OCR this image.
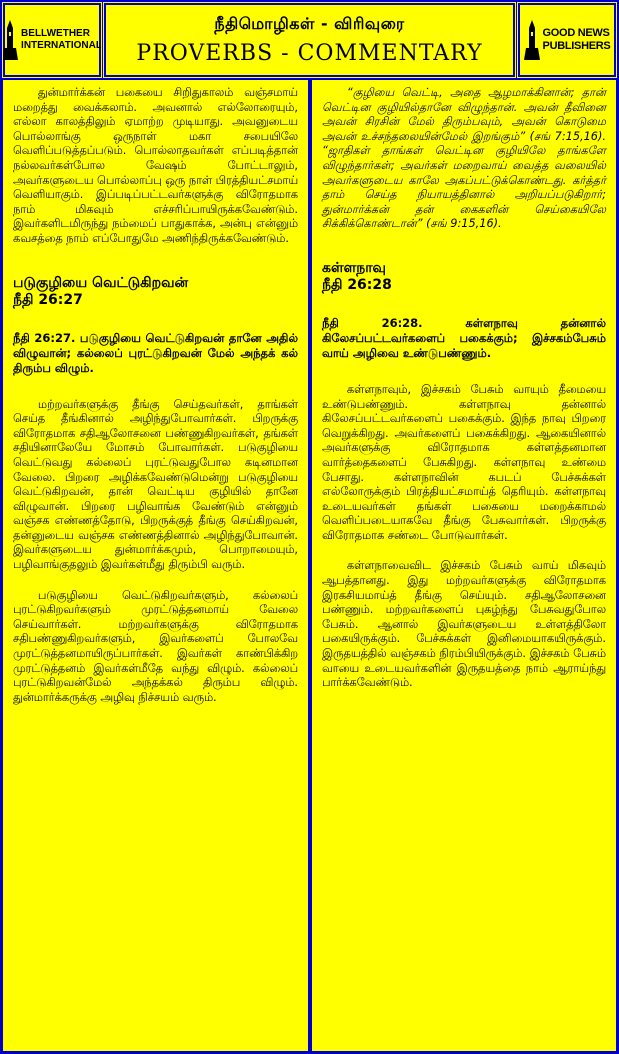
BELLWETHER
INTERNATIONAL
நீதிமொழிகள் - விரிவுரை
PROVERBS - COMMENTARY
GOOD NEWS
PUBLISHERS

துன்மார்க்கன் பகையை சிறிதுகாலம் வஞ்சமாய் மறைத்து வைக்கலாம். அவனால் எல்லோரையும், எல்லா காலத்திலும் ஏமாற்ற முடியாது. அவனுடைய பொல்லாங்கு ஒருநாள் மகா சபையிலே வெளிப்படுத்தப்படும். பொல்லாதவர்கள் எப்படித்தான் நல்லவர்கள்போல வேஷம் போட்டாலும், அவர்களுடைய பொல்லாப்பு ஒரு நாள் பிரத்தியட்சமாய் வெளியாகும். இப்படிப்பட்டவர்களுக்கு விரோதமாக நாம் மிகவும் எச்சரிப்பாயிருக்கவேண்டும். இவர்களிடமிருந்து நம்மைப் பாதுகாக்க, அன்பு என்னும் கவசத்தை நாம் எப்போதுமே அணிந்திருக்கவேண்டும்.

படுகுழியை வெட்டுகிறவன்
நீதி 26:27
நீதி 26:27. படுகுழியை வெட்டுகிறவன் தானே அதில் விழுவான்; கல்லைப் புரட்டுகிறவன் மேல் அந்தக் கல் திரும்ப விழும்.

மற்றவர்களுக்கு தீங்கு செய்தவர்கள், தாங்கள் செய்த தீங்கினால் அழிந்துபோவார்கள். பிறருக்கு விரோதமாக சதிஆலோசனை பண்ணுகிறவர்கள், தங்கள் சதியினாலேயே மோசம் போவார்கள். படுகுழியை வெட்டுவது கல்லைப் புரட்டுவதுபோல கடினமான வேலை. பிறரை அழிக்கவேண்டுமென்று படுகுழியை வெட்டுகிறவன், தான் வெட்டிய குழியில் தானே விழுவான். பிறரை பழிவாங்க வேண்டும் என்னும் வஞ்சக எண்ணத்தோடு, பிறருக்குத் தீங்கு செய்கிறவன், தன்னுடைய வஞ்சக எண்ணத்தினால் அழிந்துபோவான். இவர்களுடைய துன்மார்க்கமும், பொறாமையும், பழிவாங்குதலும் இவர்கள்மீது திரும்பி வரும்.

படுகுழியை வெட்டுகிறவர்களும், கல்லைப் புரட்டுகிறவர்களும் முரட்டுத்தனமாய் வேலை செய்வார்கள். மற்றவர்களுக்கு விரோதமாக சதிபண்ணுகிறவர்களும், இவர்களைப் போலவே முரட்டுத்தனமாயிருப்பார்கள். இவர்கள் காண்பிக்கிற முரட்டுத்தனம் இவர்கள்மீதே வந்து விழும். கல்லைப் புரட்டுகிறவன்மேல் அந்தக்கல் திரும்ப விழும். துன்மார்க்கருக்கு அழிவு நிச்சயம் வரும்.

“குழியை வெட்டி, அதை ஆழமாக்கினான்; தான் வெட்டின குழியில்தானே விழுந்தான். அவன் தீவினை அவன் சிரசின் மேல் திரும்பவும், அவன் கொடுமை அவன் உச்சந்தலையின்மேல் இறங்கும்” (சங் 7:15,16). “ஜாதிகள் தாங்கள் வெட்டின குழியிலே தாங்களே விழுந்தார்கள்; அவர்கள் மறைவாய் வைத்த வலையில் அவர்களுடைய காலே அகப்பட்டுக்கொண்டது. கர்த்தர் தாம் செய்த நியாயத்தினால் அறியப்படுகிறார்; துன்மார்க்கன் தன் கைகளின் செய்கையிலே சிக்கிக்கொண்டான்” (சங் 9:15,16).

கள்ளநாவு
நீதி 26:28
நீதி 26:28. கள்ளநாவு தன்னால் கிலேசப்பட்டவர்களைப் பகைக்கும்; இச்சகம்பேசும் வாய் அழிவை உண்டுபண்ணும்.

கள்ளநாவும், இச்சகம் பேசும் வாயும் தீமையை உண்டுபண்ணும். கள்ளநாவு தன்னால் கிலேசப்பட்டவர்களைப் பகைக்கும். இந்த நாவு பிறரை வெறுக்கிறது. அவர்களைப் பகைக்கிறது. ஆகையினால் அவர்களுக்கு விரோதமாக கள்ளத்தனமான வார்த்தைகளைப் பேசுகிறது. கள்ளநாவு உண்மை பேசாது. கள்ளநாவின் கபடப் பேச்சுக்கள் எல்லோருக்கும் பிரத்தியட்சமாய்த் தெரியும். கள்ளநாவு உடையவர்கள் தங்கள் பகையை மறைக்காமல் வெளிப்படையாகவே தீங்கு பேசுவார்கள். பிறருக்கு விரோதமாக சண்டை போடுவார்கள்.

கள்ளநாவைவிட இச்சகம் பேசும் வாய் மிகவும் ஆபத்தானது. இது மற்றவர்களுக்கு விரோதமாக இரகசியமாய்த் தீங்கு செய்யும். சதிஆலோசனை பண்ணும். மற்றவர்களைப் புகழ்ந்து பேசுவதுபோல பேசும். ஆனால் இவர்களுடைய உள்ளத்திலோ பகையிருக்கும். பேச்சுக்கள் இனிமையாகயிருக்கும். இருதயத்தில் வஞ்சகம் நிரம்பியிருக்கும். இச்சகம் பேசும் வாயை உடையவர்களின் இருதயத்தை நாம் ஆராய்ந்து பார்க்கவேண்டும்.
